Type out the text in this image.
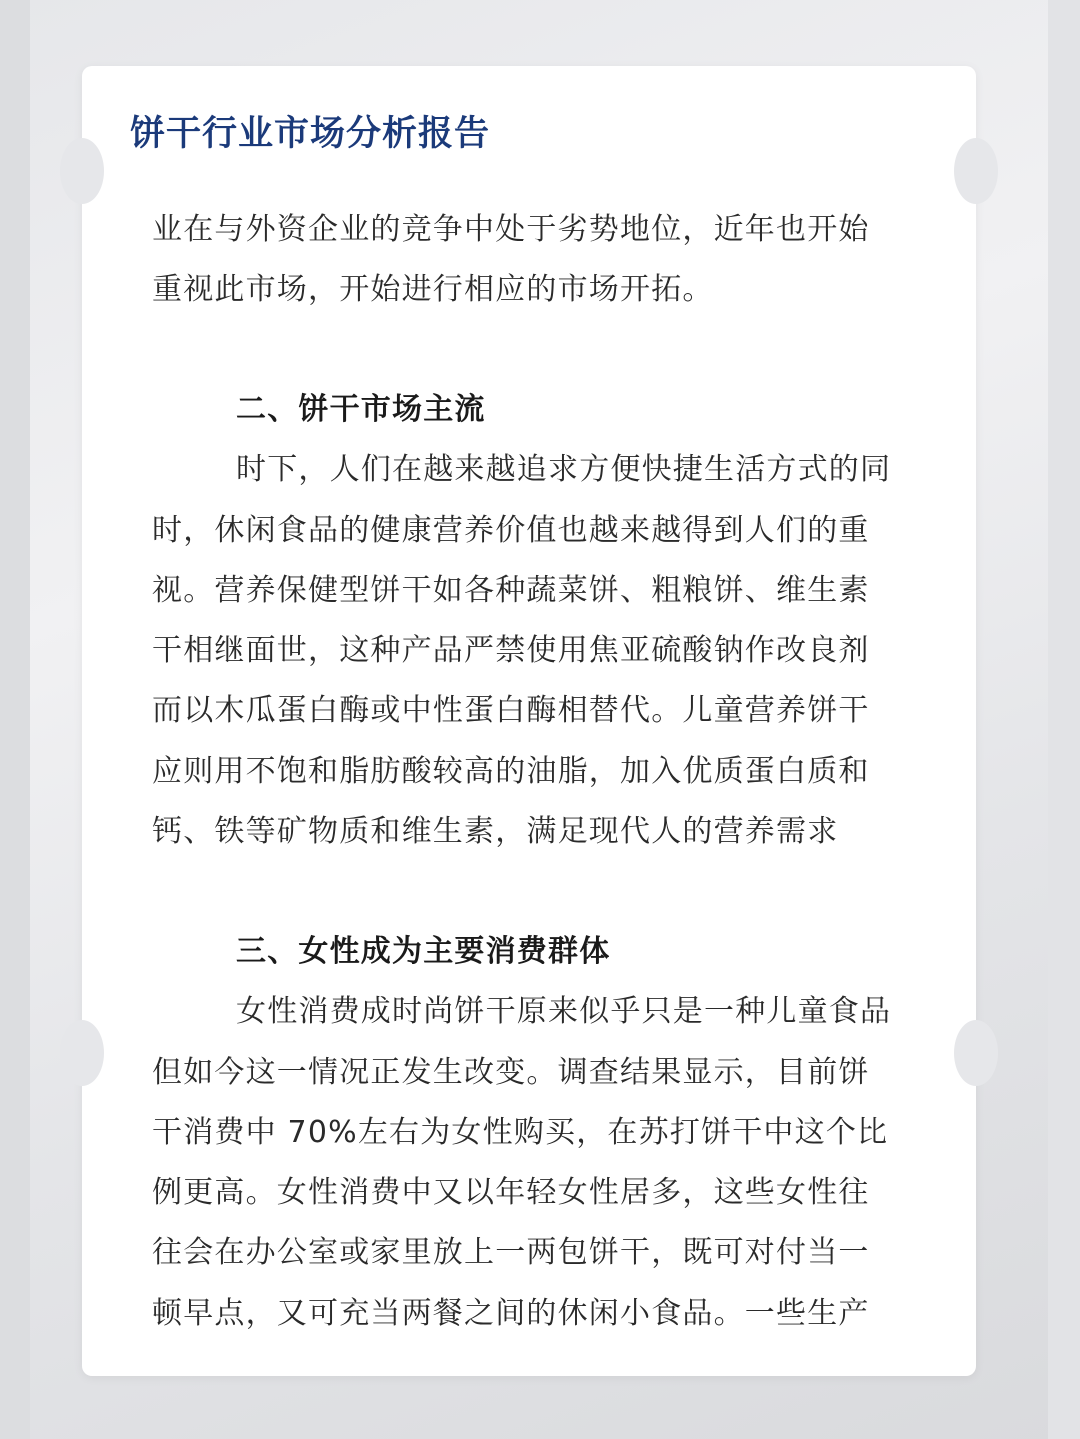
饼干行业市场分析报告

业在与外资企业的竞争中处于劣势地位，近年也开始

重视此市场，开始进行相应的市场开拓。

二、饼干市场主流

时下，人们在越来越追求方便快捷生活方式的同

时，休闲食品的健康营养价值也越来越得到人们的重

视。营养保健型饼干如各种蔬菜饼、粗粮饼、维生素

干相继面世，这种产品严禁使用焦亚硫酸钠作改良剂

而以木瓜蛋白酶或中性蛋白酶相替代。儿童营养饼干

应则用不饱和脂肪酸较高的油脂，加入优质蛋白质和

钙、铁等矿物质和维生素，满足现代人的营养需求

三、女性成为主要消费群体

女性消费成时尚饼干原来似乎只是一种儿童食品

但如今这一情况正发生改变。调查结果显示，目前饼

干消费中 70%左右为女性购买，在苏打饼干中这个比

例更高。女性消费中又以年轻女性居多，这些女性往

往会在办公室或家里放上一两包饼干，既可对付当一

顿早点，又可充当两餐之间的休闲小食品。一些生产
